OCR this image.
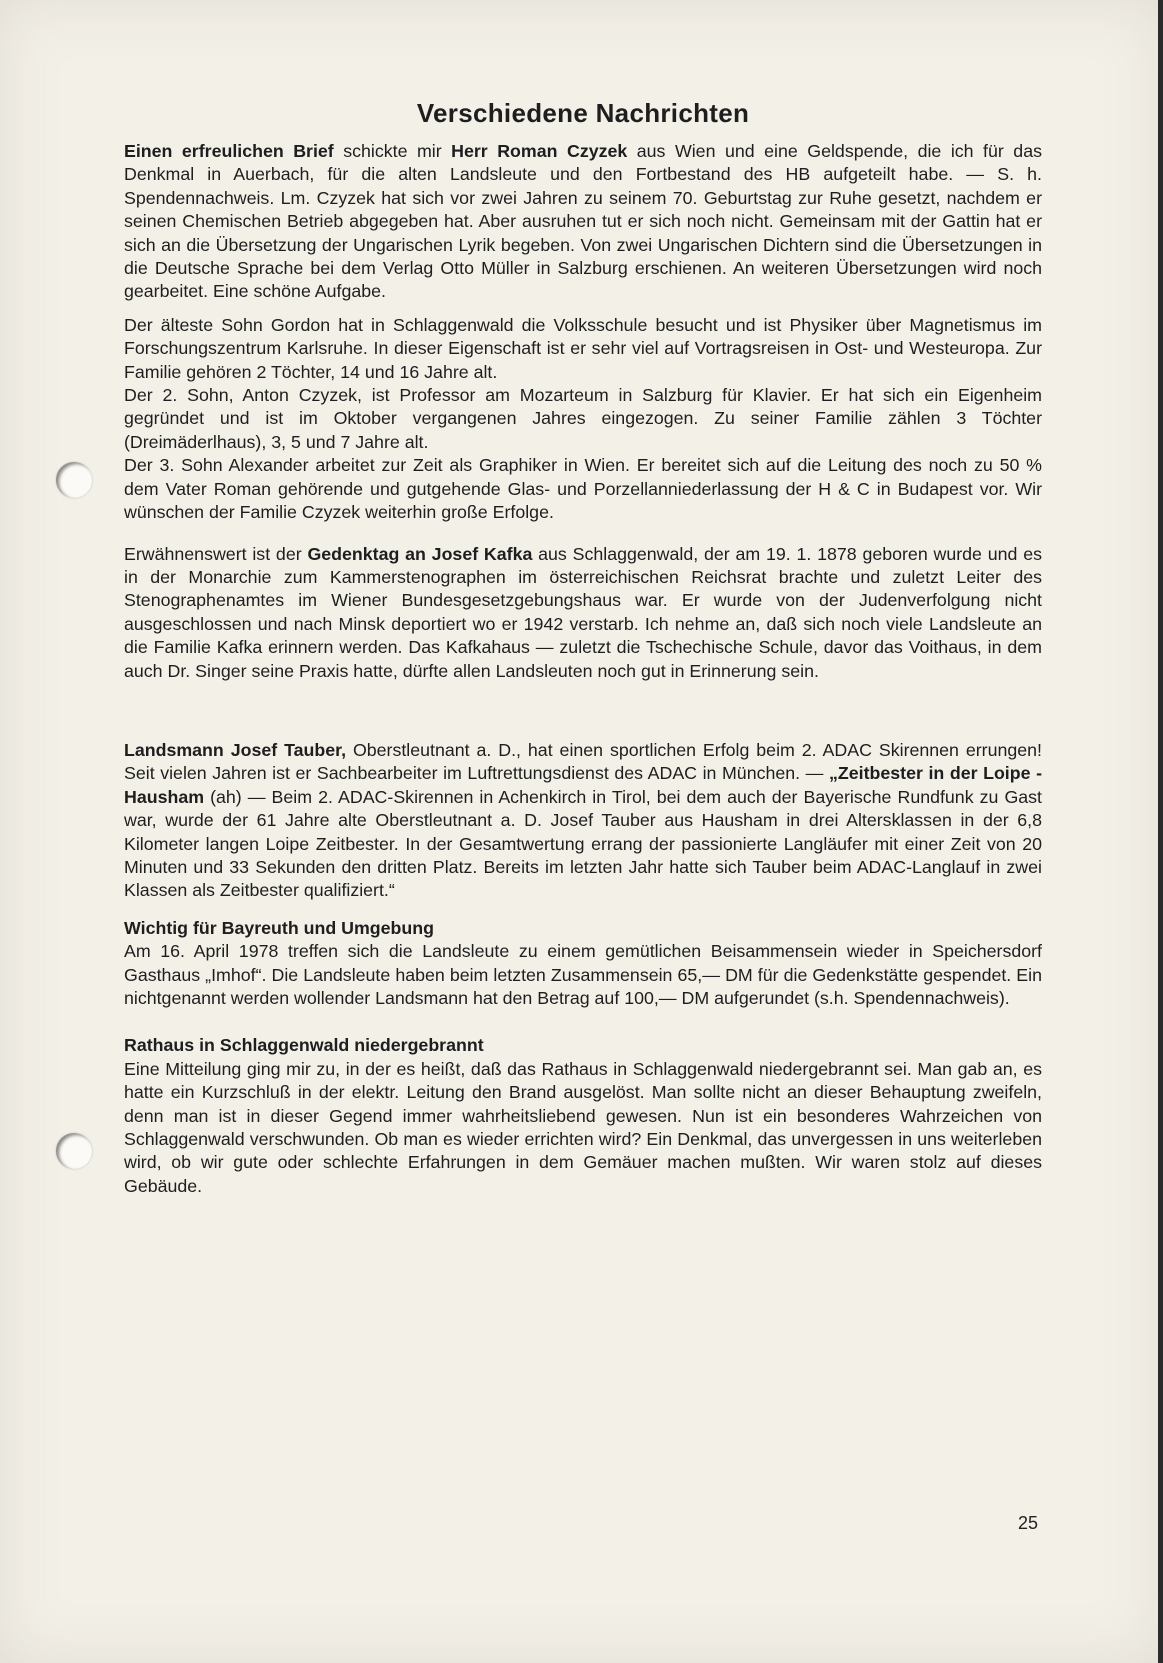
Verschiedene Nachrichten

Einen erfreulichen Brief schickte mir Herr Roman Czyzek aus Wien und eine Geldspende, die ich für das Denkmal in Auerbach, für die alten Landsleute und den Fortbestand des HB aufgeteilt habe. — S. h. Spendennachweis. Lm. Czyzek hat sich vor zwei Jahren zu seinem 70. Geburtstag zur Ruhe gesetzt, nachdem er seinen Chemischen Betrieb abgegeben hat. Aber ausruhen tut er sich noch nicht. Gemeinsam mit der Gattin hat er sich an die Übersetzung der Ungarischen Lyrik begeben. Von zwei Ungarischen Dichtern sind die Übersetzungen in die Deutsche Sprache bei dem Verlag Otto Müller in Salzburg erschienen. An weiteren Übersetzungen wird noch gearbeitet. Eine schöne Aufgabe.

Der älteste Sohn Gordon hat in Schlaggenwald die Volksschule besucht und ist Physiker über Magnetismus im Forschungszentrum Karlsruhe. In dieser Eigenschaft ist er sehr viel auf Vortragsreisen in Ost- und Westeuropa. Zur Familie gehören 2 Töchter, 14 und 16 Jahre alt.

Der 2. Sohn, Anton Czyzek, ist Professor am Mozarteum in Salzburg für Klavier. Er hat sich ein Eigenheim gegründet und ist im Oktober vergangenen Jahres eingezogen. Zu seiner Familie zählen 3 Töchter (Dreimäderlhaus), 3, 5 und 7 Jahre alt.

Der 3. Sohn Alexander arbeitet zur Zeit als Graphiker in Wien. Er bereitet sich auf die Leitung des noch zu 50 % dem Vater Roman gehörende und gutgehende Glas- und Porzellanniederlassung der H & C in Budapest vor. Wir wünschen der Familie Czyzek weiterhin große Erfolge.

Erwähnenswert ist der Gedenktag an Josef Kafka aus Schlaggenwald, der am 19. 1. 1878 geboren wurde und es in der Monarchie zum Kammerstenographen im österreichischen Reichsrat brachte und zuletzt Leiter des Stenographenamtes im Wiener Bundesgesetzgebungshaus war. Er wurde von der Judenverfolgung nicht ausgeschlossen und nach Minsk deportiert wo er 1942 verstarb. Ich nehme an, daß sich noch viele Landsleute an die Familie Kafka erinnern werden. Das Kafkahaus — zuletzt die Tschechische Schule, davor das Voithaus, in dem auch Dr. Singer seine Praxis hatte, dürfte allen Landsleuten noch gut in Erinnerung sein.

Landsmann Josef Tauber, Oberstleutnant a. D., hat einen sportlichen Erfolg beim 2. ADAC Skirennen errungen! Seit vielen Jahren ist er Sachbearbeiter im Luftrettungsdienst des ADAC in München. — „Zeitbester in der Loipe - Hausham (ah) — Beim 2. ADAC-Skirennen in Achenkirch in Tirol, bei dem auch der Bayerische Rundfunk zu Gast war, wurde der 61 Jahre alte Oberstleutnant a. D. Josef Tauber aus Hausham in drei Altersklassen in der 6,8 Kilometer langen Loipe Zeitbester. In der Gesamtwertung errang der passionierte Langläufer mit einer Zeit von 20 Minuten und 33 Sekunden den dritten Platz. Bereits im letzten Jahr hatte sich Tauber beim ADAC-Langlauf in zwei Klassen als Zeitbester qualifiziert.“

Wichtig für Bayreuth und Umgebung

Am 16. April 1978 treffen sich die Landsleute zu einem gemütlichen Beisammensein wieder in Speichersdorf Gasthaus „Imhof“. Die Landsleute haben beim letzten Zusammensein 65,— DM für die Gedenkstätte gespendet. Ein nichtgenannt werden wollender Landsmann hat den Betrag auf 100,— DM aufgerundet (s.h. Spendennachweis).

Rathaus in Schlaggenwald niedergebrannt

Eine Mitteilung ging mir zu, in der es heißt, daß das Rathaus in Schlaggenwald niedergebrannt sei. Man gab an, es hatte ein Kurzschluß in der elektr. Leitung den Brand ausgelöst. Man sollte nicht an dieser Behauptung zweifeln, denn man ist in dieser Gegend immer wahrheitsliebend gewesen. Nun ist ein besonderes Wahrzeichen von Schlaggenwald verschwunden. Ob man es wieder errichten wird? Ein Denkmal, das unvergessen in uns weiterleben wird, ob wir gute oder schlechte Erfahrungen in dem Gemäuer machen mußten. Wir waren stolz auf dieses Gebäude.

25
